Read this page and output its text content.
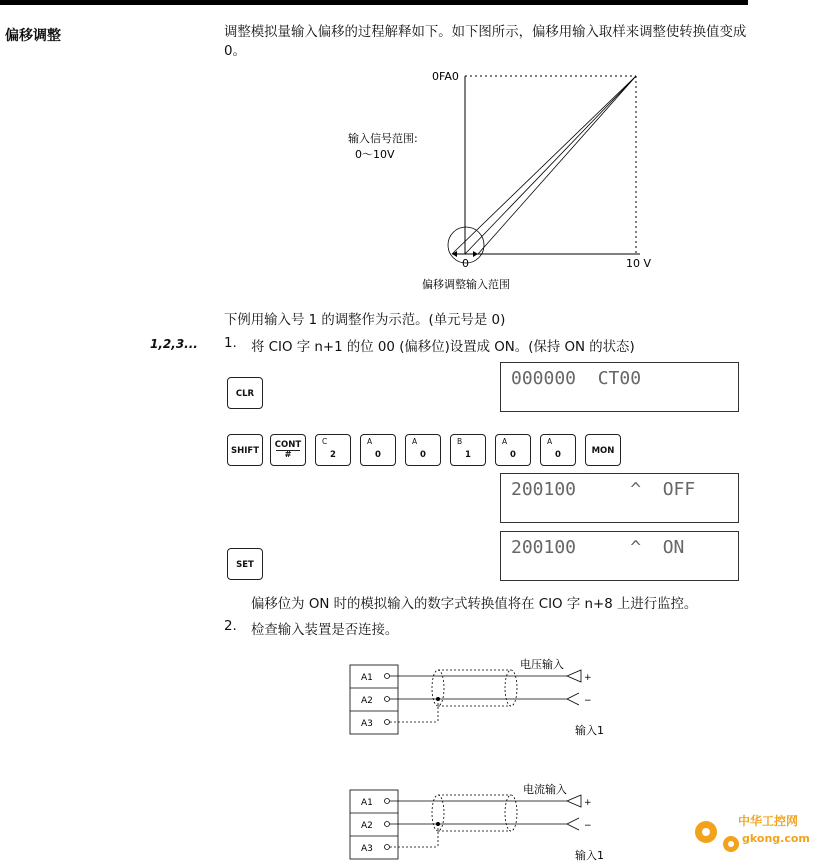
偏移调整	调整模拟量输入偏移的过程解释如下。如下图所示，偏移用输入取样来调整使转换值变成 0。
0FA0
输入信号范围:
0～10V
0	10 V
偏移调整输入范围
下例用输入号 1 的调整作为示范。(单元号是 0)
1,2,3... 1. 将 CIO 字 n+1 的位 00 (偏移位)设置成 ON。(保持 ON 的状态)
CLR
000000  CT00
SHIFT
CONT
#
C
2
A
0
A
0
B
1
A
0
A
0	MON
200100     ^  OFF
SET
200100     ^  ON
偏移位为 ON 时的模拟输入的数字式转换值将在 CIO 字 n+8 上进行监控。
2. 检查输入装置是否连接。
A1
A2
A3
电压输入
+
−
输入1
A1
A2
A3
电流输入
+
−
输入1
中华工控网
gkong.com
